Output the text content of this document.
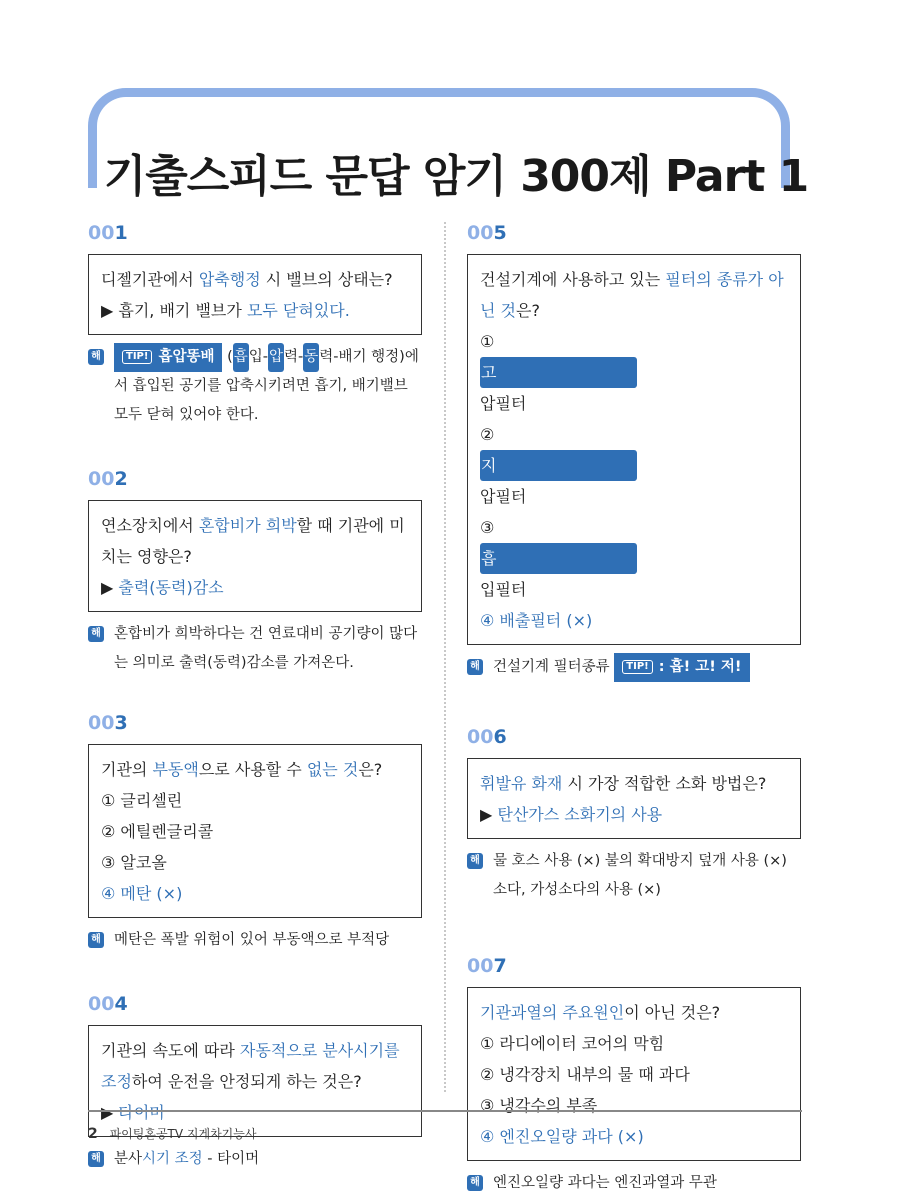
기출스피드 문답 암기 300제 Part 1
001
디젤기관에서 압축행정 시 밸브의 상태는?
▶ 흡기, 배기 밸브가 모두 닫혀있다.
해	TIP! 흡압똥배 (흡입-압력-동력-배기 행정)에 서 흡입된 공기를 압축시키려면 흡기, 배기밸브 모두 닫혀 있어야 한다.
002
연소장치에서 혼합비가 희박할 때 기관에 미치는 영향은?
▶ 출력(동력)감소
해 혼합비가 희박하다는 건 연료대비 공기량이 많다는 의미로 출력(동력)감소를 가져온다.
003
기관의 부동액으로 사용할 수 없는 것은?
① 글리셀린
② 에틸렌글리콜
③ 알코올
④ 메탄 (×)
해 메탄은 폭발 위험이 있어 부동액으로 부적당
004
기관의 속도에 따라 자동적으로 분사시기를 조정하여 운전을 안정되게 하는 것은?
▶ 타이머
해 분사시기 조정 - 타이머
005
건설기계에 사용하고 있는 필터의 종류가 아닌 것은?
① 고압필터
② 지압필터
③ 흡입필터
④ 배출필터 (×)
해 건설기계 필터종류 TIP! : 흡! 고! 저!
006
휘발유 화재 시 가장 적합한 소화 방법은?
▶ 탄산가스 소화기의 사용
해 물 호스 사용 (×) 불의 확대방지 덮개 사용 (×) 소다, 가성소다의 사용 (×)
007
기관과열의 주요원인이 아닌 것은?
① 라디에이터 코어의 막힘
② 냉각장치 내부의 물 때 과다
③ 냉각수의 부족
④ 엔진오일량 과다 (×)
해 엔진오일량 과다는 엔진과열과 무관
2 파이팅혼공TV 지게차기능사
